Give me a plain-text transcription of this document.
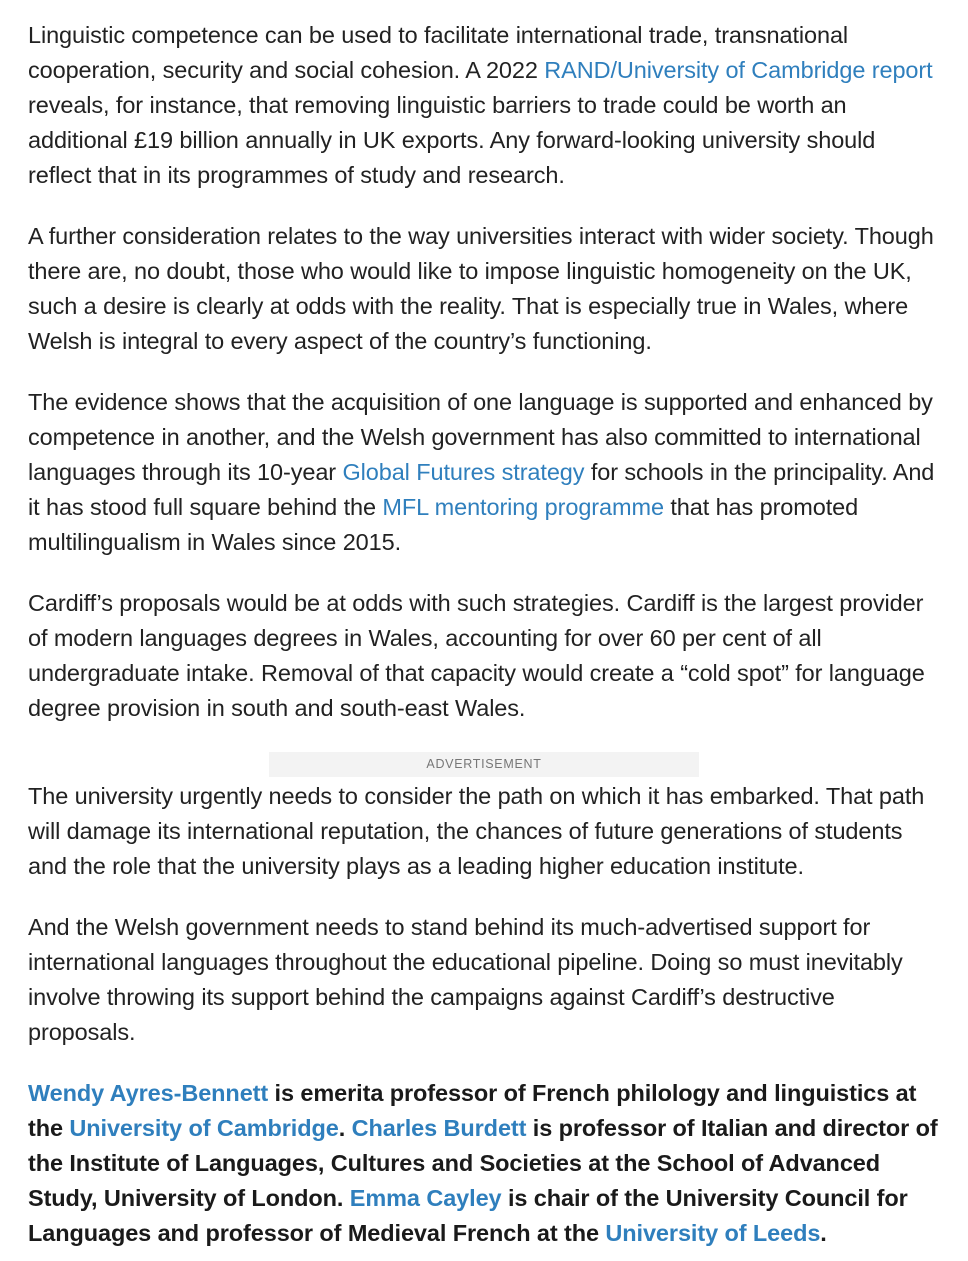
Linguistic competence can be used to facilitate international trade, transnational cooperation, security and social cohesion. A 2022 RAND/University of Cambridge report reveals, for instance, that removing linguistic barriers to trade could be worth an additional £19 billion annually in UK exports. Any forward-looking university should reflect that in its programmes of study and research.

A further consideration relates to the way universities interact with wider society. Though there are, no doubt, those who would like to impose linguistic homogeneity on the UK, such a desire is clearly at odds with the reality. That is especially true in Wales, where Welsh is integral to every aspect of the country’s functioning.

The evidence shows that the acquisition of one language is supported and enhanced by competence in another, and the Welsh government has also committed to international languages through its 10-year Global Futures strategy for schools in the principality. And it has stood full square behind the MFL mentoring programme that has promoted multilingualism in Wales since 2015.

Cardiff’s proposals would be at odds with such strategies. Cardiff is the largest provider of modern languages degrees in Wales, accounting for over 60 per cent of all undergraduate intake. Removal of that capacity would create a “cold spot” for language degree provision in south and south-east Wales.

ADVERTISEMENT

The university urgently needs to consider the path on which it has embarked. That path will damage its international reputation, the chances of future generations of students and the role that the university plays as a leading higher education institute.

And the Welsh government needs to stand behind its much-advertised support for international languages throughout the educational pipeline. Doing so must inevitably involve throwing its support behind the campaigns against Cardiff’s destructive proposals.

Wendy Ayres-Bennett is emerita professor of French philology and linguistics at the University of Cambridge. Charles Burdett is professor of Italian and director of the Institute of Languages, Cultures and Societies at the School of Advanced Study, University of London. Emma Cayley is chair of the University Council for Languages and professor of Medieval French at the University of Leeds.
